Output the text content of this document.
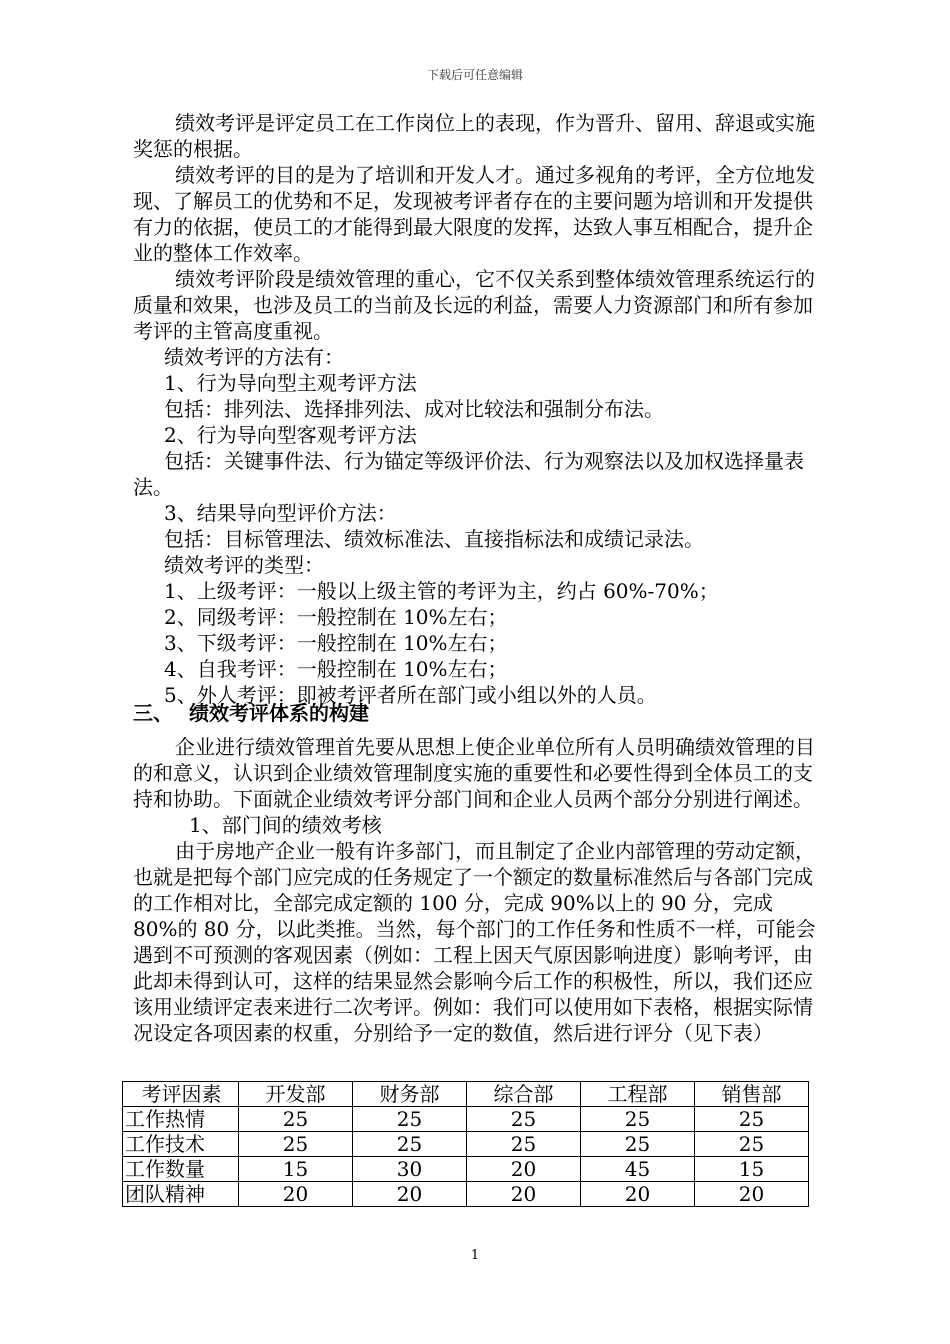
下载后可任意编辑

绩效考评是评定员工在工作岗位上的表现，作为晋升、留用、辞退或实施奖惩的根据。

绩效考评的目的是为了培训和开发人才。通过多视角的考评，全方位地发现、了解员工的优势和不足，发现被考评者存在的主要问题为培训和开发提供有力的依据，使员工的才能得到最大限度的发挥，达致人事互相配合，提升企业的整体工作效率。

绩效考评阶段是绩效管理的重心，它不仅关系到整体绩效管理系统运行的质量和效果，也涉及员工的当前及长远的利益，需要人力资源部门和所有参加考评的主管高度重视。

绩效考评的方法有：

1、行为导向型主观考评方法

包括：排列法、选择排列法、成对比较法和强制分布法。

2、行为导向型客观考评方法

包括：关键事件法、行为锚定等级评价法、行为观察法以及加权选择量表法。

3、结果导向型评价方法：

包括：目标管理法、绩效标准法、直接指标法和成绩记录法。

绩效考评的类型：

1、上级考评：一般以上级主管的考评为主，约占 60%-70%；

2、同级考评：一般控制在 10%左右；

3、下级考评：一般控制在 10%左右；

4、自我考评：一般控制在 10%左右；

5、外人考评：即被考评者所在部门或小组以外的人员。

三、 绩效考评体系的构建

企业进行绩效管理首先要从思想上使企业单位所有人员明确绩效管理的目的和意义，认识到企业绩效管理制度实施的重要性和必要性得到全体员工的支持和协助。下面就企业绩效考评分部门间和企业人员两个部分分别进行阐述。

1、部门间的绩效考核

由于房地产企业一般有许多部门，而且制定了企业内部管理的劳动定额，也就是把每个部门应完成的任务规定了一个额定的数量标准然后与各部门完成的工作相对比，全部完成定额的 100 分，完成 90%以上的 90 分，完成 80%的 80 分，以此类推。当然，每个部门的工作任务和性质不一样，可能会遇到不可预测的客观因素（例如：工程上因天气原因影响进度）影响考评，由此却未得到认可，这样的结果显然会影响今后工作的积极性，所以，我们还应该用业绩评定表来进行二次考评。例如：我们可以使用如下表格，根据实际情况设定各项因素的权重，分别给予一定的数值，然后进行评分（见下表）

考评因素	开发部	财务部	综合部	工程部	销售部
工作热情	25	25	25	25	25
工作技术	25	25	25	25	25
工作数量	15	30	20	45	15
团队精神	20	20	20	20	20
1
